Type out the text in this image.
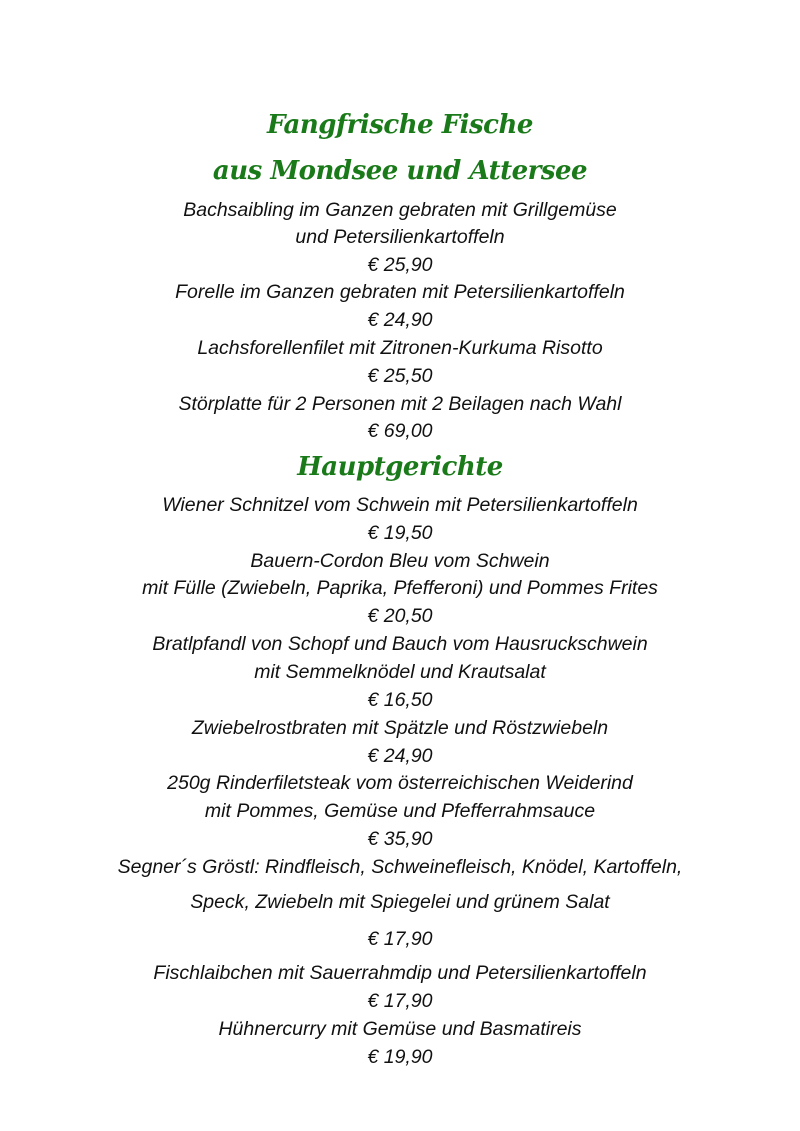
Fangfrische Fische
aus Mondsee und Attersee
Bachsaibling im Ganzen gebraten mit Grillgemüse
und Petersilienkartoffeln
€ 25,90
Forelle im Ganzen gebraten mit Petersilienkartoffeln
€ 24,90
Lachsforellenfilet mit Zitronen-Kurkuma Risotto
€ 25,50
Störplatte für 2 Personen mit 2 Beilagen nach Wahl
€ 69,00
Hauptgerichte
Wiener Schnitzel vom Schwein mit Petersilienkartoffeln
€ 19,50
Bauern-Cordon Bleu vom Schwein
mit Fülle (Zwiebeln, Paprika, Pfefferoni) und Pommes Frites
€ 20,50
Bratlpfandl von Schopf und Bauch vom Hausruckschwein
mit Semmelknödel und Krautsalat
€ 16,50
Zwiebelrostbraten mit Spätzle und Röstzwiebeln
€ 24,90
250g Rinderfiletsteak vom österreichischen Weiderind
mit Pommes, Gemüse und Pfefferrahmsauce
€ 35,90
Segner´s Gröstl: Rindfleisch, Schweinefleisch, Knödel, Kartoffeln,
Speck, Zwiebeln mit Spiegelei und grünem Salat
€ 17,90
Fischlaibchen mit Sauerrahmdip und Petersilienkartoffeln
€ 17,90
Hühnercurry mit Gemüse und Basmatireis
€ 19,90
